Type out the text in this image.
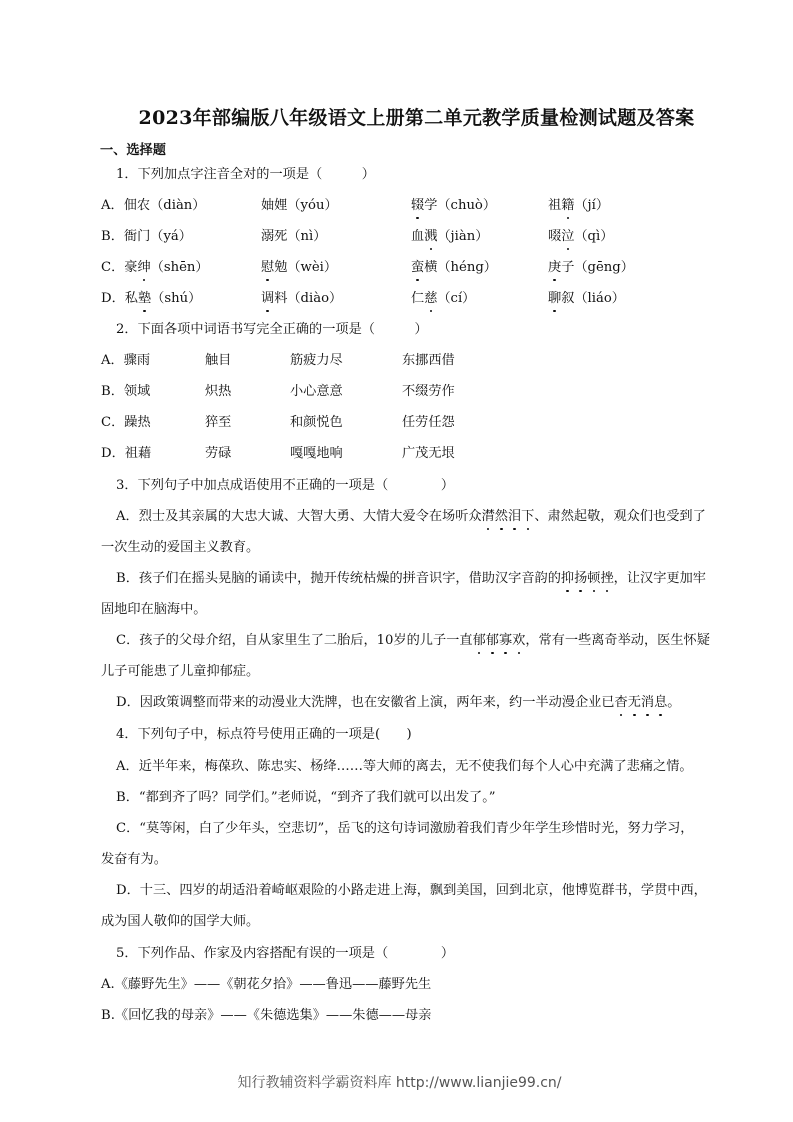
2023年部编版八年级语文上册第二单元教学质量检测试题及答案
一、选择题
1．下列加点字注音全对的一项是（　　　）
A．佃农（diàn）	妯娌（yóu）	辍学（chuò）	祖籍（jí）
B．衙门（yá）	溺死（nì）	血溅（jiàn）	啜泣（qì）
C．豪绅（shēn）	慰勉（wèi）	蛮横（héng）	庚子（gēng）
D．私塾（shú）	调料（diào）	仁慈（cí）	聊叙（liáo）
2．下面各项中词语书写完全正确的一项是（　　　）
A．骤雨	触目	筋疲力尽	东挪西借
B．领域	炽热	小心意意	不缀劳作
C．躁热	猝至	和颜悦色	任劳任怨
D．祖藉	劳碌	嘎嘎地响	广茂无垠
3．下列句子中加点成语使用不正确的一项是（　　　　）
A．烈士及其亲属的大忠大诚、大智大勇、大情大爱令在场听众潸然泪下、肃然起敬，观众们也受到了
一次生动的爱国主义教育。
B．孩子们在摇头晃脑的诵读中，抛开传统枯燥的拼音识字，借助汉字音韵的抑扬顿挫，让汉字更加牢
固地印在脑海中。
C．孩子的父母介绍，自从家里生了二胎后，10岁的儿子一直郁郁寡欢，常有一些离奇举动，医生怀疑
儿子可能患了儿童抑郁症。
D．因政策调整而带来的动漫业大洗牌，也在安徽省上演，两年来，约一半动漫企业已杳无消息。
4．下列句子中，标点符号使用正确的一项是(　　)
A．近半年来，梅葆玖、陈忠实、杨绛……等大师的离去，无不使我们每个人心中充满了悲痛之情。
B．“都到齐了吗？同学们。”老师说，“到齐了我们就可以出发了。”
C．“莫等闲，白了少年头，空悲切”，岳飞的这句诗词激励着我们青少年学生珍惜时光，努力学习，
发奋有为。
D．十三、四岁的胡适沿着崎岖艰险的小路走进上海，飘到美国，回到北京，他博览群书，学贯中西，
成为国人敬仰的国学大师。
5．下列作品、作家及内容搭配有误的一项是（　　　　）
A.《藤野先生》——《朝花夕拾》——鲁迅——藤野先生
B.《回忆我的母亲》——《朱德选集》——朱德——母亲
知行教辅资料学霸资料库 http://www.lianjie99.cn/
